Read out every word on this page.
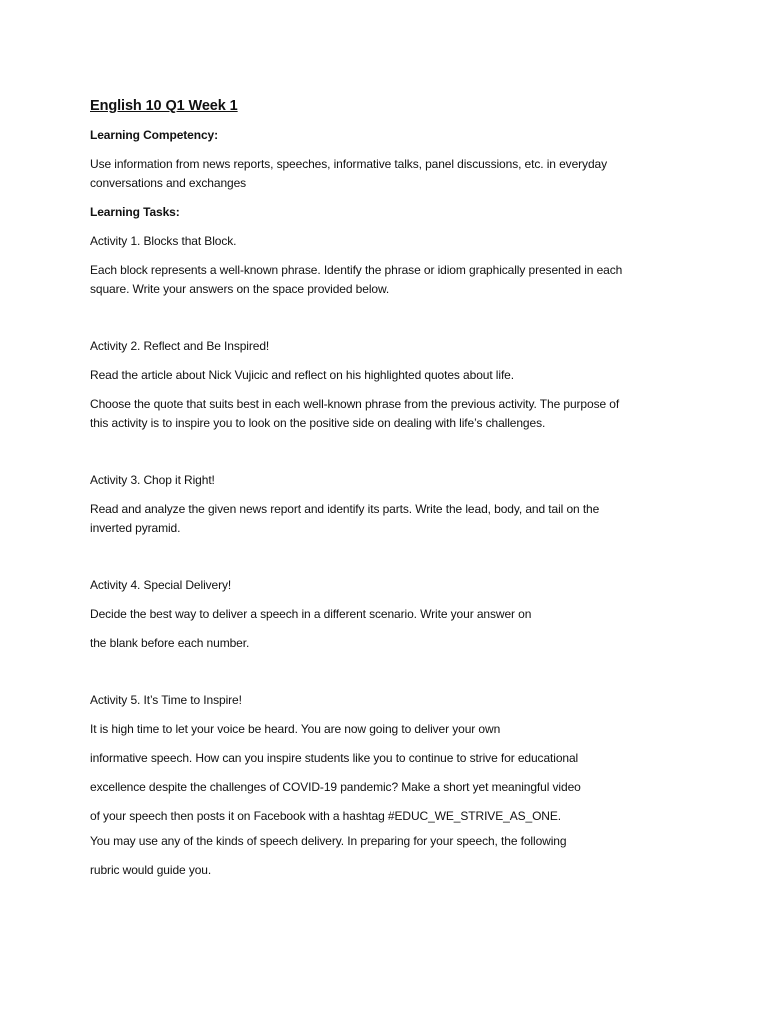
English 10 Q1 Week 1

Learning Competency:

Use information from news reports, speeches, informative talks, panel discussions, etc. in everyday

conversations and exchanges

Learning Tasks:

Activity 1. Blocks that Block.

Each block represents a well-known phrase. Identify the phrase or idiom graphically presented in each

square. Write your answers on the space provided below.

Activity 2. Reflect and Be Inspired!

Read the article about Nick Vujicic and reflect on his highlighted quotes about life.

Choose the quote that suits best in each well-known phrase from the previous activity. The purpose of

this activity is to inspire you to look on the positive side on dealing with life’s challenges.

Activity 3. Chop it Right!

Read and analyze the given news report and identify its parts. Write the lead, body, and tail on the

inverted pyramid.

Activity 4. Special Delivery!

Decide the best way to deliver a speech in a different scenario. Write your answer on

the blank before each number.

Activity 5. It’s Time to Inspire!

It is high time to let your voice be heard. You are now going to deliver your own

informative speech. How can you inspire students like you to continue to strive for educational

excellence despite the challenges of COVID-19 pandemic? Make a short yet meaningful video

of your speech then posts it on Facebook with a hashtag #EDUC_WE_STRIVE_AS_ONE.

You may use any of the kinds of speech delivery. In preparing for your speech, the following

rubric would guide you.
